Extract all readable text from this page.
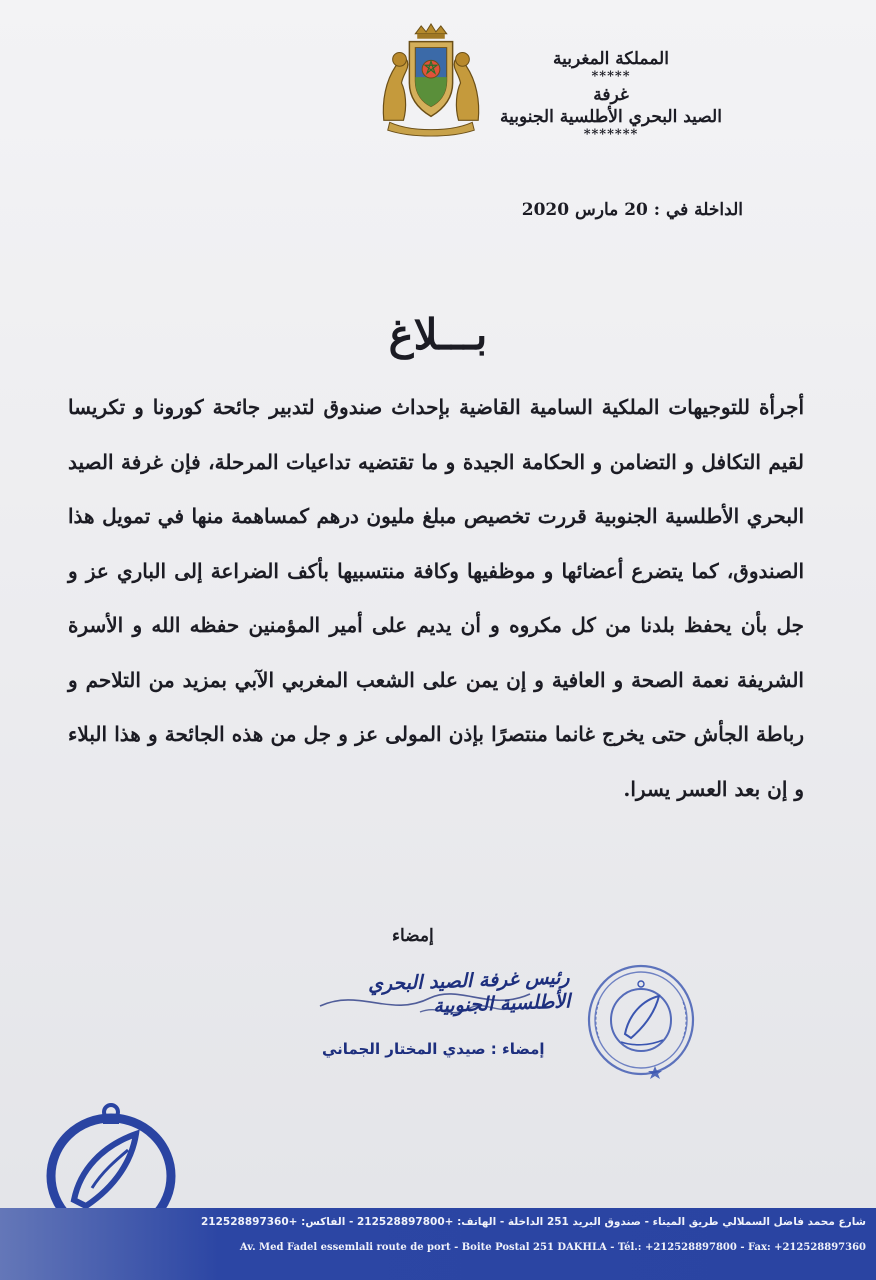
المملكة المغربية
*****
غرفة
الصيد البحري الأطلسية الجنوبية
*******
الداخلة في : 20 مارس 2020
بـــلاغ
أجرأة للتوجيهات الملكية السامية القاضية بإحداث صندوق لتدبير جائحة كورونا و تكريسا لقيم التكافل و التضامن و الحكامة الجيدة و ما تقتضيه تداعيات المرحلة، فإن غرفة الصيد البحري الأطلسية الجنوبية قررت تخصيص مبلغ مليون درهم كمساهمة منها في تمويل هذا الصندوق، كما يتضرع أعضائها و موظفيها وكافة منتسبيها بأكف الضراعة إلى الباري عز و جل بأن يحفظ بلدنا من كل مكروه و أن يديم على أمير المؤمنين حفظه الله و الأسرة الشريفة نعمة الصحة و العافية و إن يمن على الشعب المغربي الآبي بمزيد من التلاحم و رباطة الجأش حتى يخرج غانما منتصرًا بإذن المولى عز و جل من هذه الجائحة و هذا البلاء و إن بعد العسر يسرا.
إمضاء
رئيس غرفة الصيد البحري
الأطلسية الجنوبية
إمضاء : صيدي المختار الجماني
شارع محمد فاضل السملالي طريق الميناء - صندوق البريد 251 الداخلة - الهاتف: +212528897800 - الفاكس: +212528897360
Av. Med Fadel essemlali route de port - Boite Postal 251 DAKHLA - Tél.: +212528897800 - Fax: +212528897360
